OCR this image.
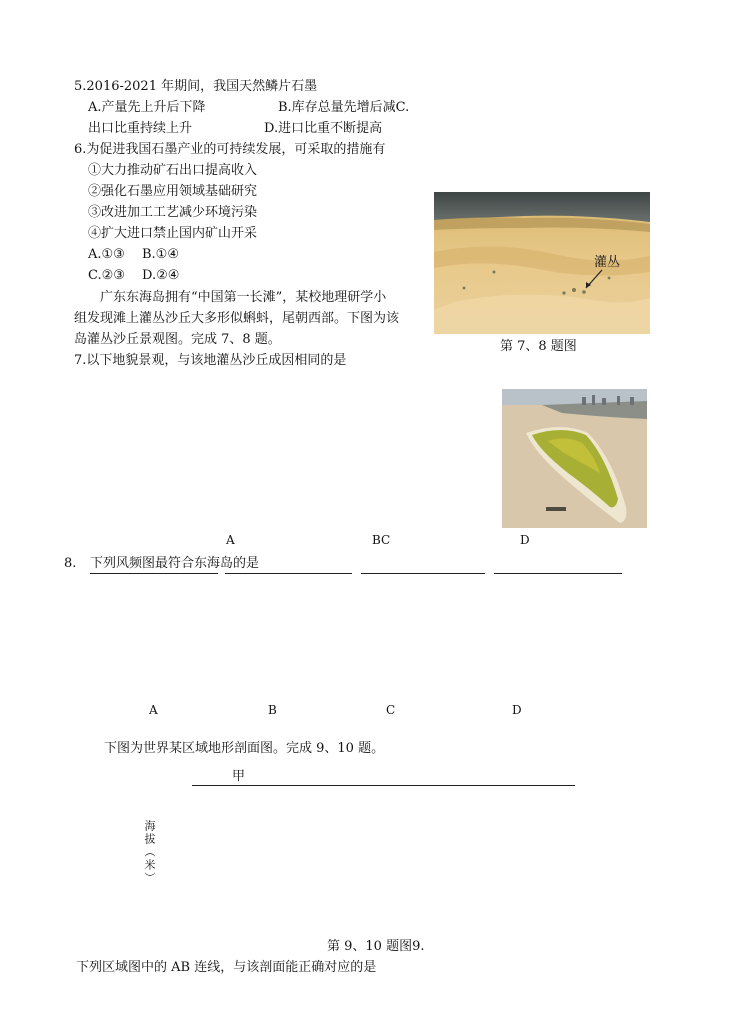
5.2016-2021 年期间，我国天然鳞片石墨
A.产量先上升后下降	B.库存总量先增后减C.
出口比重持续上升	D.进口比重不断提高
6.为促进我国石墨产业的可持续发展，可采取的措施有
①大力推动矿石出口提高收入
②强化石墨应用领域基础研究
③改进加工工艺减少环境污染
④扩大进口禁止国内矿山开采
A.①③ B.①④
C.②③ D.②④
广东东海岛拥有“中国第一长滩”，某校地理研学小
组发现滩上灌丛沙丘大多形似蝌蚪，尾朝西部。下图为该
岛灌丛沙丘景观图。完成 7、8 题。
7.以下地貌景观，与该地灌丛沙丘成因相同的是
灌丛
第 7、8 题图
A	BC	D
8. 下列风频图最符合东海岛的是
A	B	C	D
下图为世界某区域地形剖面图。完成 9、10 题。
甲
海拔（米）
第 9、10 题图9.
下列区域图中的 AB 连线，与该剖面能正确对应的是
